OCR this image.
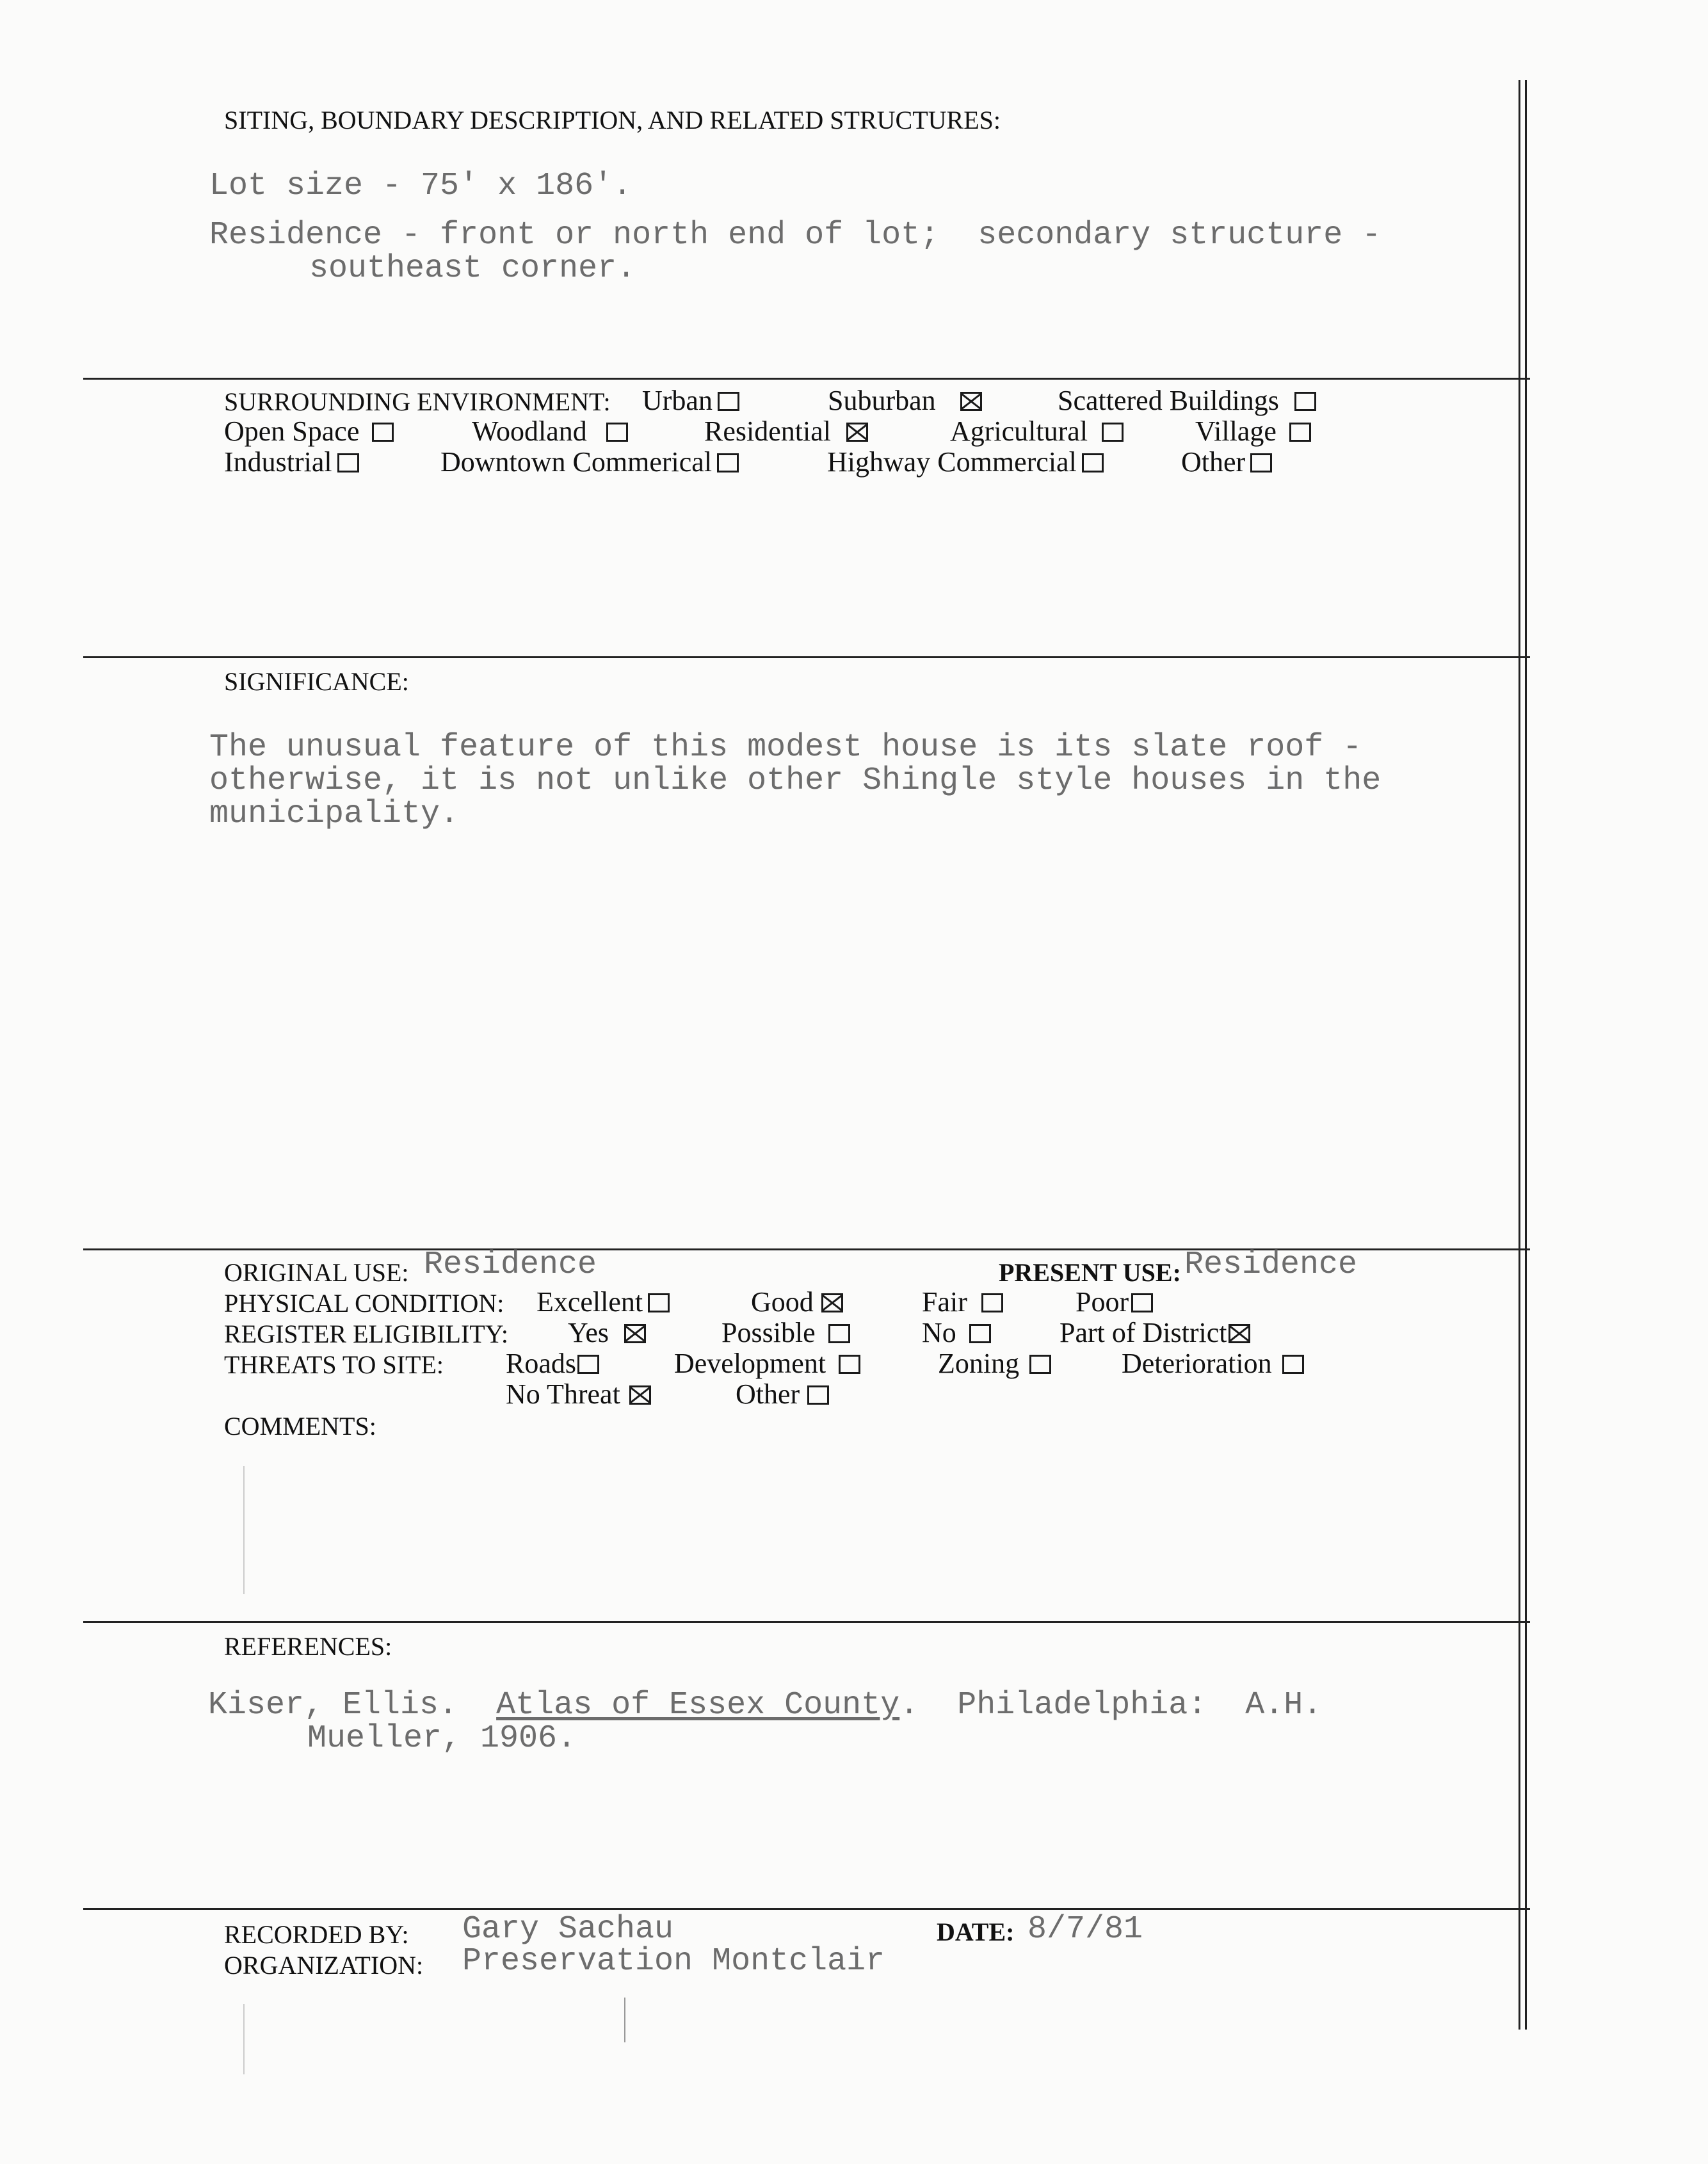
SITING, BOUNDARY DESCRIPTION, AND RELATED STRUCTURES:
Lot size - 75' x 186'.
Residence - front or north end of lot;  secondary structure -
southeast corner.
SURROUNDING ENVIRONMENT: Urban	Suburban	Scattered Buildings
Open Space	Woodland	Residential	Agricultural	Village
Industrial	Downtown Commerical	Highway Commercial	Other
SIGNIFICANCE:
The unusual feature of this modest house is its slate roof -
otherwise, it is not unlike other Shingle style houses in the
municipality.
ORIGINAL USE: Residence	PRESENT USE: Residence
PHYSICAL CONDITION: Excellent	Good	Fair	Poor
REGISTER ELIGIBILITY: Yes	Possible	No	Part of District
THREATS TO SITE: Roads	Development	Zoning	Deterioration
No Threat	Other
COMMENTS:
REFERENCES:
Kiser, Ellis. Atlas of Essex County.  Philadelphia:  A.H.
Mueller, 1906.
RECORDED BY: Gary Sachau
ORGANIZATION: Preservation Montclair
DATE: 8/7/81
